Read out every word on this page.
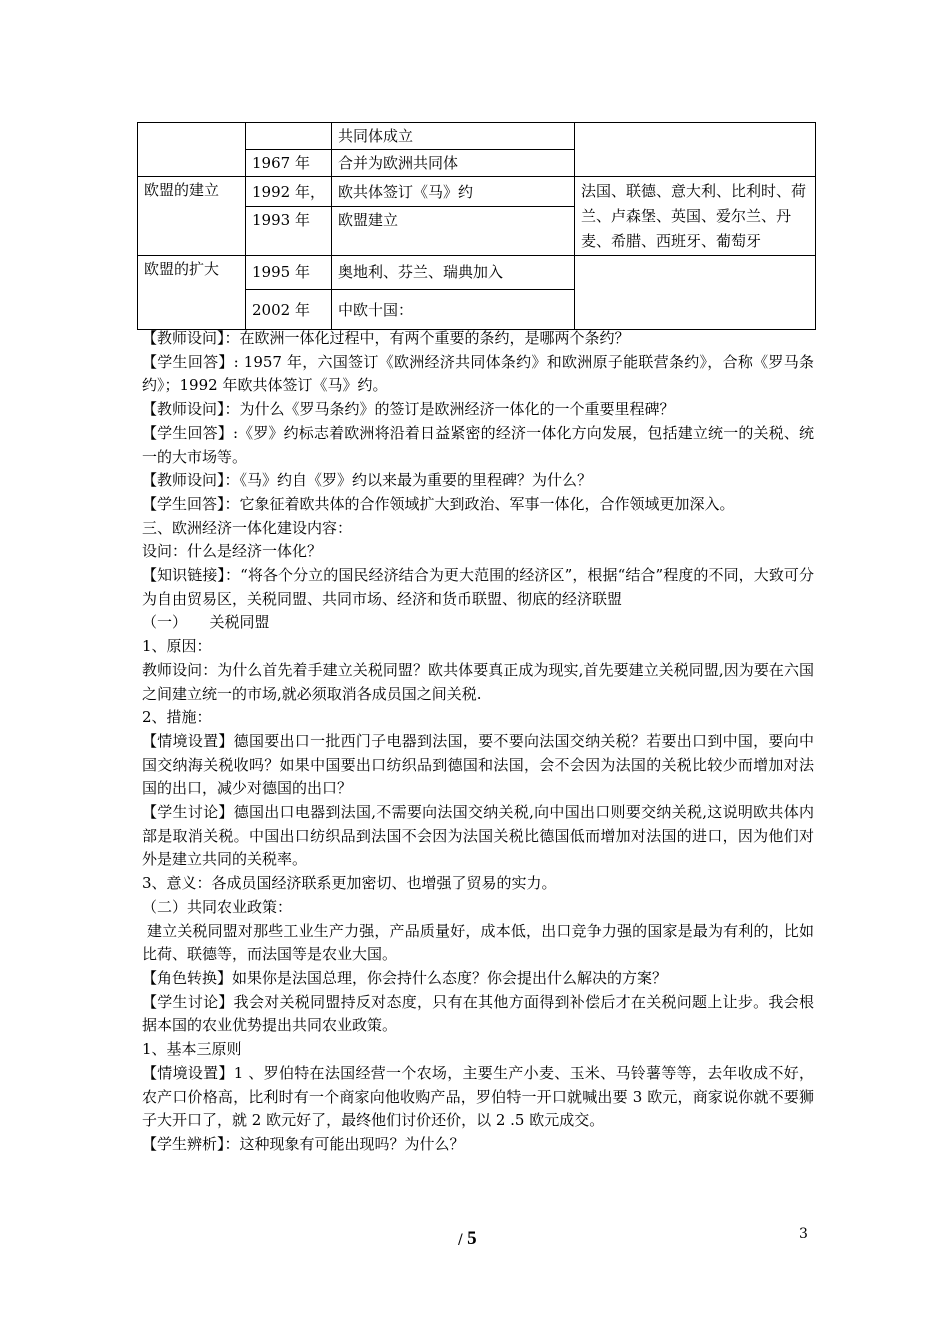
		共同体成立	
	1967 年	合并为欧洲共同体	
欧盟的建立	1992 年，	欧共体签订《马》约	法国、联德、意大利、比利时、荷兰、卢森堡、英国、爱尔兰、丹麦、希腊、西班牙、葡萄牙
	1993 年	欧盟建立	
欧盟的扩大	1995 年	奥地利、芬兰、瑞典加入	
	2002 年	中欧十国：	

【教师设问】：在欧洲一体化过程中，有两个重要的条约，是哪两个条约？

【学生回答】: 1957 年，六国签订《欧洲经济共同体条约》和欧洲原子能联营条约》，合称《罗马条约》；1992 年欧共体签订《马》约。

【教师设问】：为什么《罗马条约》的签订是欧洲经济一体化的一个重要里程碑？

【学生回答】:《罗》约标志着欧洲将沿着日益紧密的经济一体化方向发展，包括建立统一的关税、统一的大市场等。

【教师设问】：《马》约自《罗》约以来最为重要的里程碑？为什么？

【学生回答】：它象征着欧共体的合作领域扩大到政治、军事一体化，合作领域更加深入。

三、欧洲经济一体化建设内容：

设问：什么是经济一体化？

【知识链接】：“将各个分立的国民经济结合为更大范围的经济区”，根据“结合”程度的不同，大致可分为自由贸易区，关税同盟、共同市场、经济和货币联盟、彻底的经济联盟

（一）　　关税同盟

1、原因：

教师设问：为什么首先着手建立关税同盟？欧共体要真正成为现实,首先要建立关税同盟,因为要在六国之间建立统一的市场,就必须取消各成员国之间关税.

2、措施：

【情境设置】德国要出口一批西门子电器到法国，要不要向法国交纳关税？若要出口到中国，要向中国交纳海关税收吗？如果中国要出口纺织品到德国和法国，会不会因为法国的关税比较少而增加对法国的出口，减少对德国的出口？

【学生讨论】德国出口电器到法国,不需要向法国交纳关税,向中国出口则要交纳关税,这说明欧共体内部是取消关税。中国出口纺织品到法国不会因为法国关税比德国低而增加对法国的进口，因为他们对外是建立共同的关税率。

3、意义：各成员国经济联系更加密切、也增强了贸易的实力。

（二）共同农业政策：

建立关税同盟对那些工业生产力强，产品质量好，成本低，出口竞争力强的国家是最为有利的，比如比荷、联德等，而法国等是农业大国。

【角色转换】如果你是法国总理，你会持什么态度？你会提出什么解决的方案？

【学生讨论】我会对关税同盟持反对态度，只有在其他方面得到补偿后才在关税问题上让步。我会根据本国的农业优势提出共同农业政策。

1、基本三原则

【情境设置】1 、罗伯特在法国经营一个农场，主要生产小麦、玉米、马铃薯等等，去年收成不好，农产口价格高，比利时有一个商家向他收购产品，罗伯特一开口就喊出要 3 欧元，商家说你就不要狮子大开口了，就 2 欧元好了，最终他们讨价还价，以 2 .5 欧元成交。

【学生辨析】：这种现象有可能出现吗？为什么？

/ 5	3
